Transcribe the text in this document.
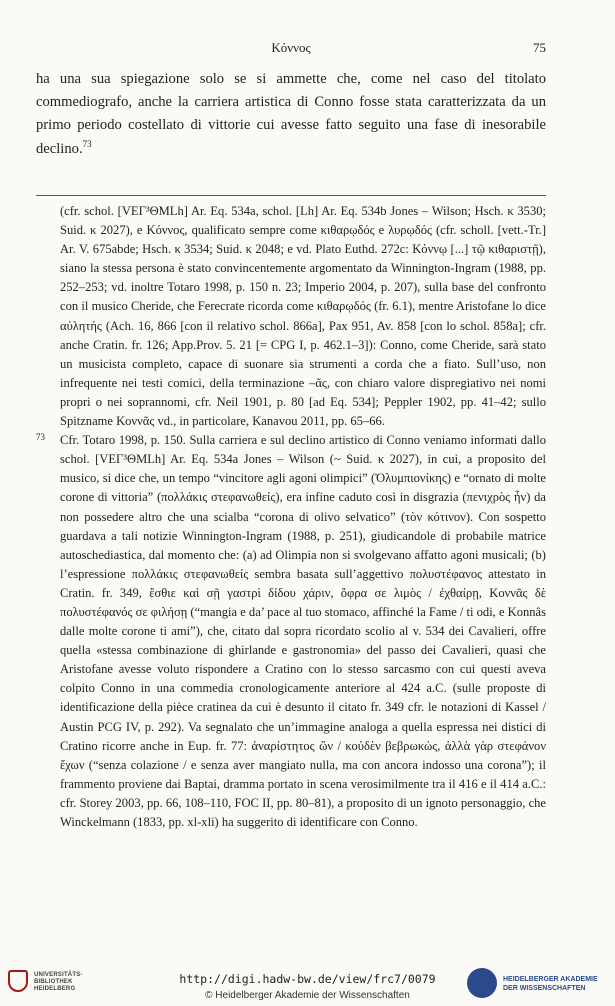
Κόννος	75
ha una sua spiegazione solo se si ammette che, come nel caso del titolato commediografo, anche la carriera artistica di Conno fosse stata caratterizzata da un primo periodo costellato di vittorie cui avesse fatto seguito una fase di inesorabile declino.$^{73}$

(cfr. schol. [VEΓ³ΘMLh] Ar. Eq. 534a, schol. [Lh] Ar. Eq. 534b Jones – Wilson; Hsch. κ 3530; Suid. κ 2027), e Κόννος, qualificato sempre come κιθαρῳδός e λυρῳδός (cfr. scholl. [vett.-Tr.] Ar. V. 675abde; Hsch. κ 3534; Suid. κ 2048; e vd. Plato Euthd. 272c: Κόννῳ [...] τῷ κιθαριστῇ), siano la stessa persona è stato convincentemente argomentato da Winnington-Ingram (1988, pp. 252–253; vd. inoltre Totaro 1998, p. 150 n. 23; Imperio 2004, p. 207), sulla base del confronto con il musico Cheride, che Ferecrate ricorda come κιθαρῳδός (fr. 6.1), mentre Aristofane lo dice αὐλητής (Ach. 16, 866 [con il relativo schol. 866a], Pax 951, Av. 858 [con lo schol. 858a]; cfr. anche Cratin. fr. 126; App.Prov. 5. 21 [= CPG I, p. 462.1–3]): Conno, come Cheride, sarà stato un musicista completo, capace di suonare sia strumenti a corda che a fiato. Sull’uso, non infrequente nei testi comici, della terminazione –ᾶς, con chiaro valore dispregiativo nei nomi propri o nei soprannomi, cfr. Neil 1901, p. 80 [ad Eq. 534]; Peppler 1902, pp. 41–42; sullo Spitzname Κοννᾶς vd., in particolare, Kanavou 2011, pp. 65–66.

73 Cfr. Totaro 1998, p. 150. Sulla carriera e sul declino artistico di Conno veniamo informati dallo schol. [VEΓ³ΘMLh] Ar. Eq. 534a Jones – Wilson (~ Suid. κ 2027), in cui, a proposito del musico, si dice che, un tempo “vincitore agli agoni olimpici” (Ὀλυμπιονίκης) e “ornato di molte corone di vittoria” (πολλάκις στεφανωθείς), era infine caduto così in disgrazia (πενιχρὸς ἦν) da non possedere altro che una scialba “corona di olivo selvatico” (τὸν κότινον). Con sospetto guardava a tali notizie Winnington-Ingram (1988, p. 251), giudicandole di probabile matrice autoschediastica, dal momento che: (a) ad Olimpia non si svolgevano affatto agoni musicali; (b) l’espressione πολλάκις στεφανωθείς sembra basata sull’aggettivo πολυστέφανος attestato in Cratin. fr. 349, ἔσθιε καὶ σῇ γαστρὶ δίδου χάριν, ὄφρα σε λιμὸς / ἐχθαίρῃ, Κοννᾶς δὲ πολυστέφανός σε φιλήσῃ (“mangia e da’ pace al tuo stomaco, affinché la Fame / ti odi, e Konnâs dalle molte corone ti ami”), che, citato dal sopra ricordato scolio al v. 534 dei Cavalieri, offre quella «stessa combinazione di ghirlande e gastronomia» del passo dei Cavalieri, quasi che Aristofane avesse voluto rispondere a Cratino con lo stesso sarcasmo con cui questi aveva colpito Conno in una commedia cronologicamente anteriore al 424 a.C. (sulle proposte di identificazione della pièce cratinea da cui è desunto il citato fr. 349 cfr. le notazioni di Kassel / Austin PCG IV, p. 292). Va segnalato che un’immagine analoga a quella espressa nei distici di Cratino ricorre anche in Eup. fr. 77: ἀναρίστητος ὢν / κοὐδὲν βεβρωκώς, ἀλλὰ γὰρ στεφάνον ἔχων (“senza colazione / e senza aver mangiato nulla, ma con ancora indosso una corona”); il frammento proviene dai Baptai, dramma portato in scena verosimilmente tra il 416 e il 414 a.C.: cfr. Storey 2003, pp. 66, 108–110, FOC II, pp. 80–81), a proposito di un ignoto personaggio, che Winckelmann (1833, pp. xl-xli) ha suggerito di identificare con Conno.

UNIVERSITÄTS-
BIBLIOTHEK
HEIDELBERG
http://digi.hadw-bw.de/view/frc7/0079
© Heidelberger Akademie der Wissenschaften
HEIDELBERGER AKADEMIE
DER WISSENSCHAFTEN
